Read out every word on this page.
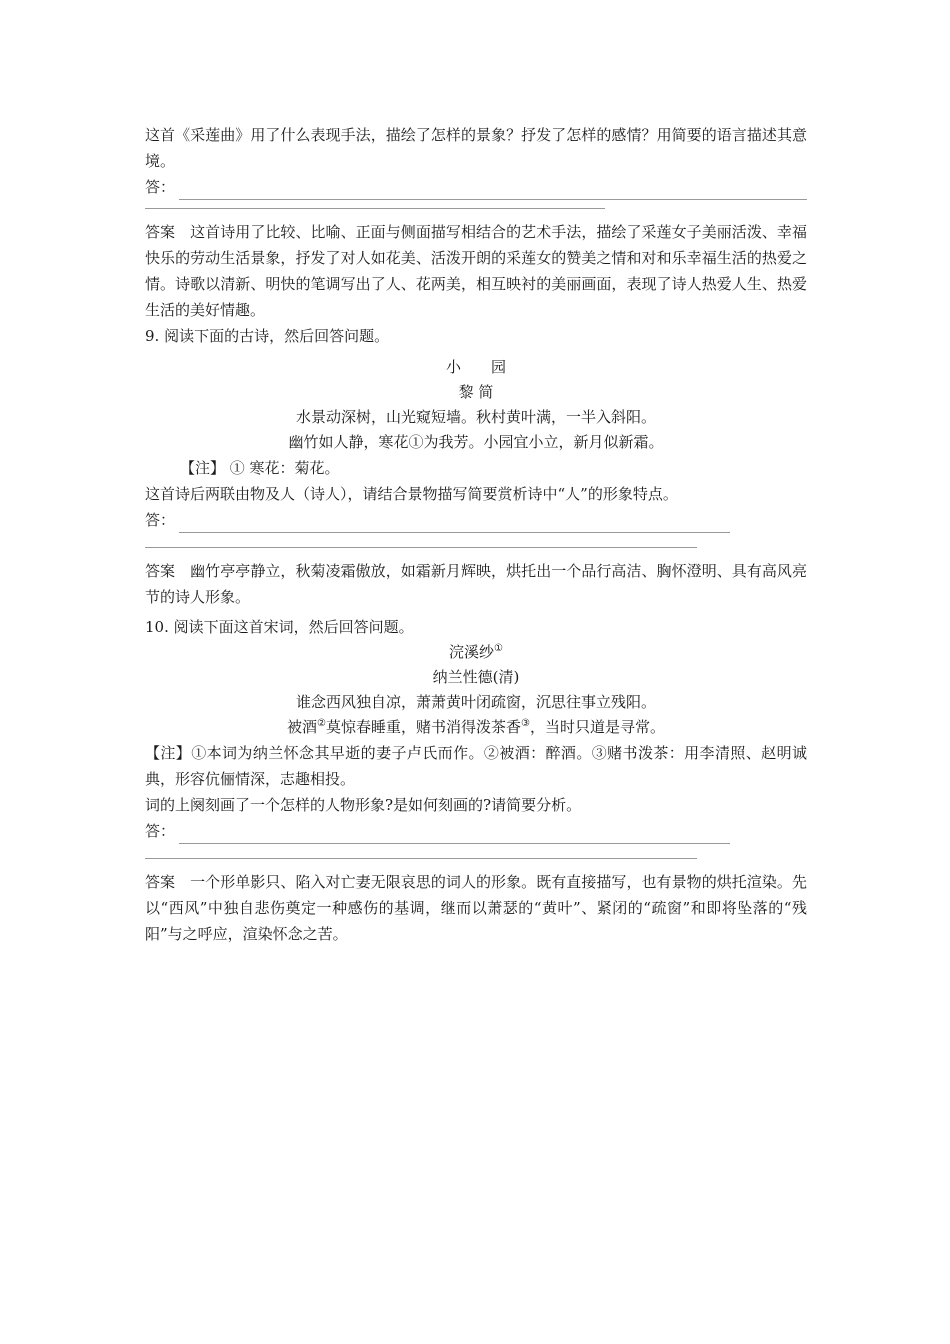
这首《采莲曲》用了什么表现手法，描绘了怎样的景象？抒发了怎样的感情？用简要的语言描述其意境。

答：

答案　 这首诗用了比较、比喻、正面与侧面描写相结合的艺术手法，描绘了采莲女子美丽活泼、幸福快乐的劳动生活景象，抒发了对人如花美、活泼开朗的采莲女的赞美之情和对和乐幸福生活的热爱之情。诗歌以清新、明快的笔调写出了人、花两美，相互映衬的美丽画面，表现了诗人热爱人生、热爱生活的美好情趣。

9. 阅读下面的古诗，然后回答问题。

小　　园

黎 简

水景动深树，山光窥短墙。秋村黄叶满，一半入斜阳。

幽竹如人静，寒花①为我芳。小园宜小立，新月似新霜。

【注】 ① 寒花：菊花。

这首诗后两联由物及人（诗人），请结合景物描写简要赏析诗中“人”的形象特点。

答：

答案　 幽竹亭亭静立，秋菊凌霜傲放，如霜新月辉映，烘托出一个品行高洁、胸怀澄明、具有高风亮节的诗人形象。

10. 阅读下面这首宋词，然后回答问题。

浣溪纱①

纳兰性德(清)

谁念西风独自凉，萧萧黄叶闭疏窗，沉思往事立残阳。

被酒②莫惊春睡重，赌书消得泼茶香③，当时只道是寻常。

【注】①本词为纳兰怀念其早逝的妻子卢氏而作。②被酒：醉酒。③赌书泼茶：用李清照、赵明诚典，形容伉俪情深，志趣相投。

词的上阕刻画了一个怎样的人物形象?是如何刻画的?请简要分析。

答：

答案　 一个形单影只、陷入对亡妻无限哀思的词人的形象。既有直接描写，也有景物的烘托渲染。先以“西风”中独自悲伤奠定一种感伤的基调，继而以萧瑟的“黄叶”、紧闭的“疏窗”和即将坠落的“残阳”与之呼应，渲染怀念之苦。
